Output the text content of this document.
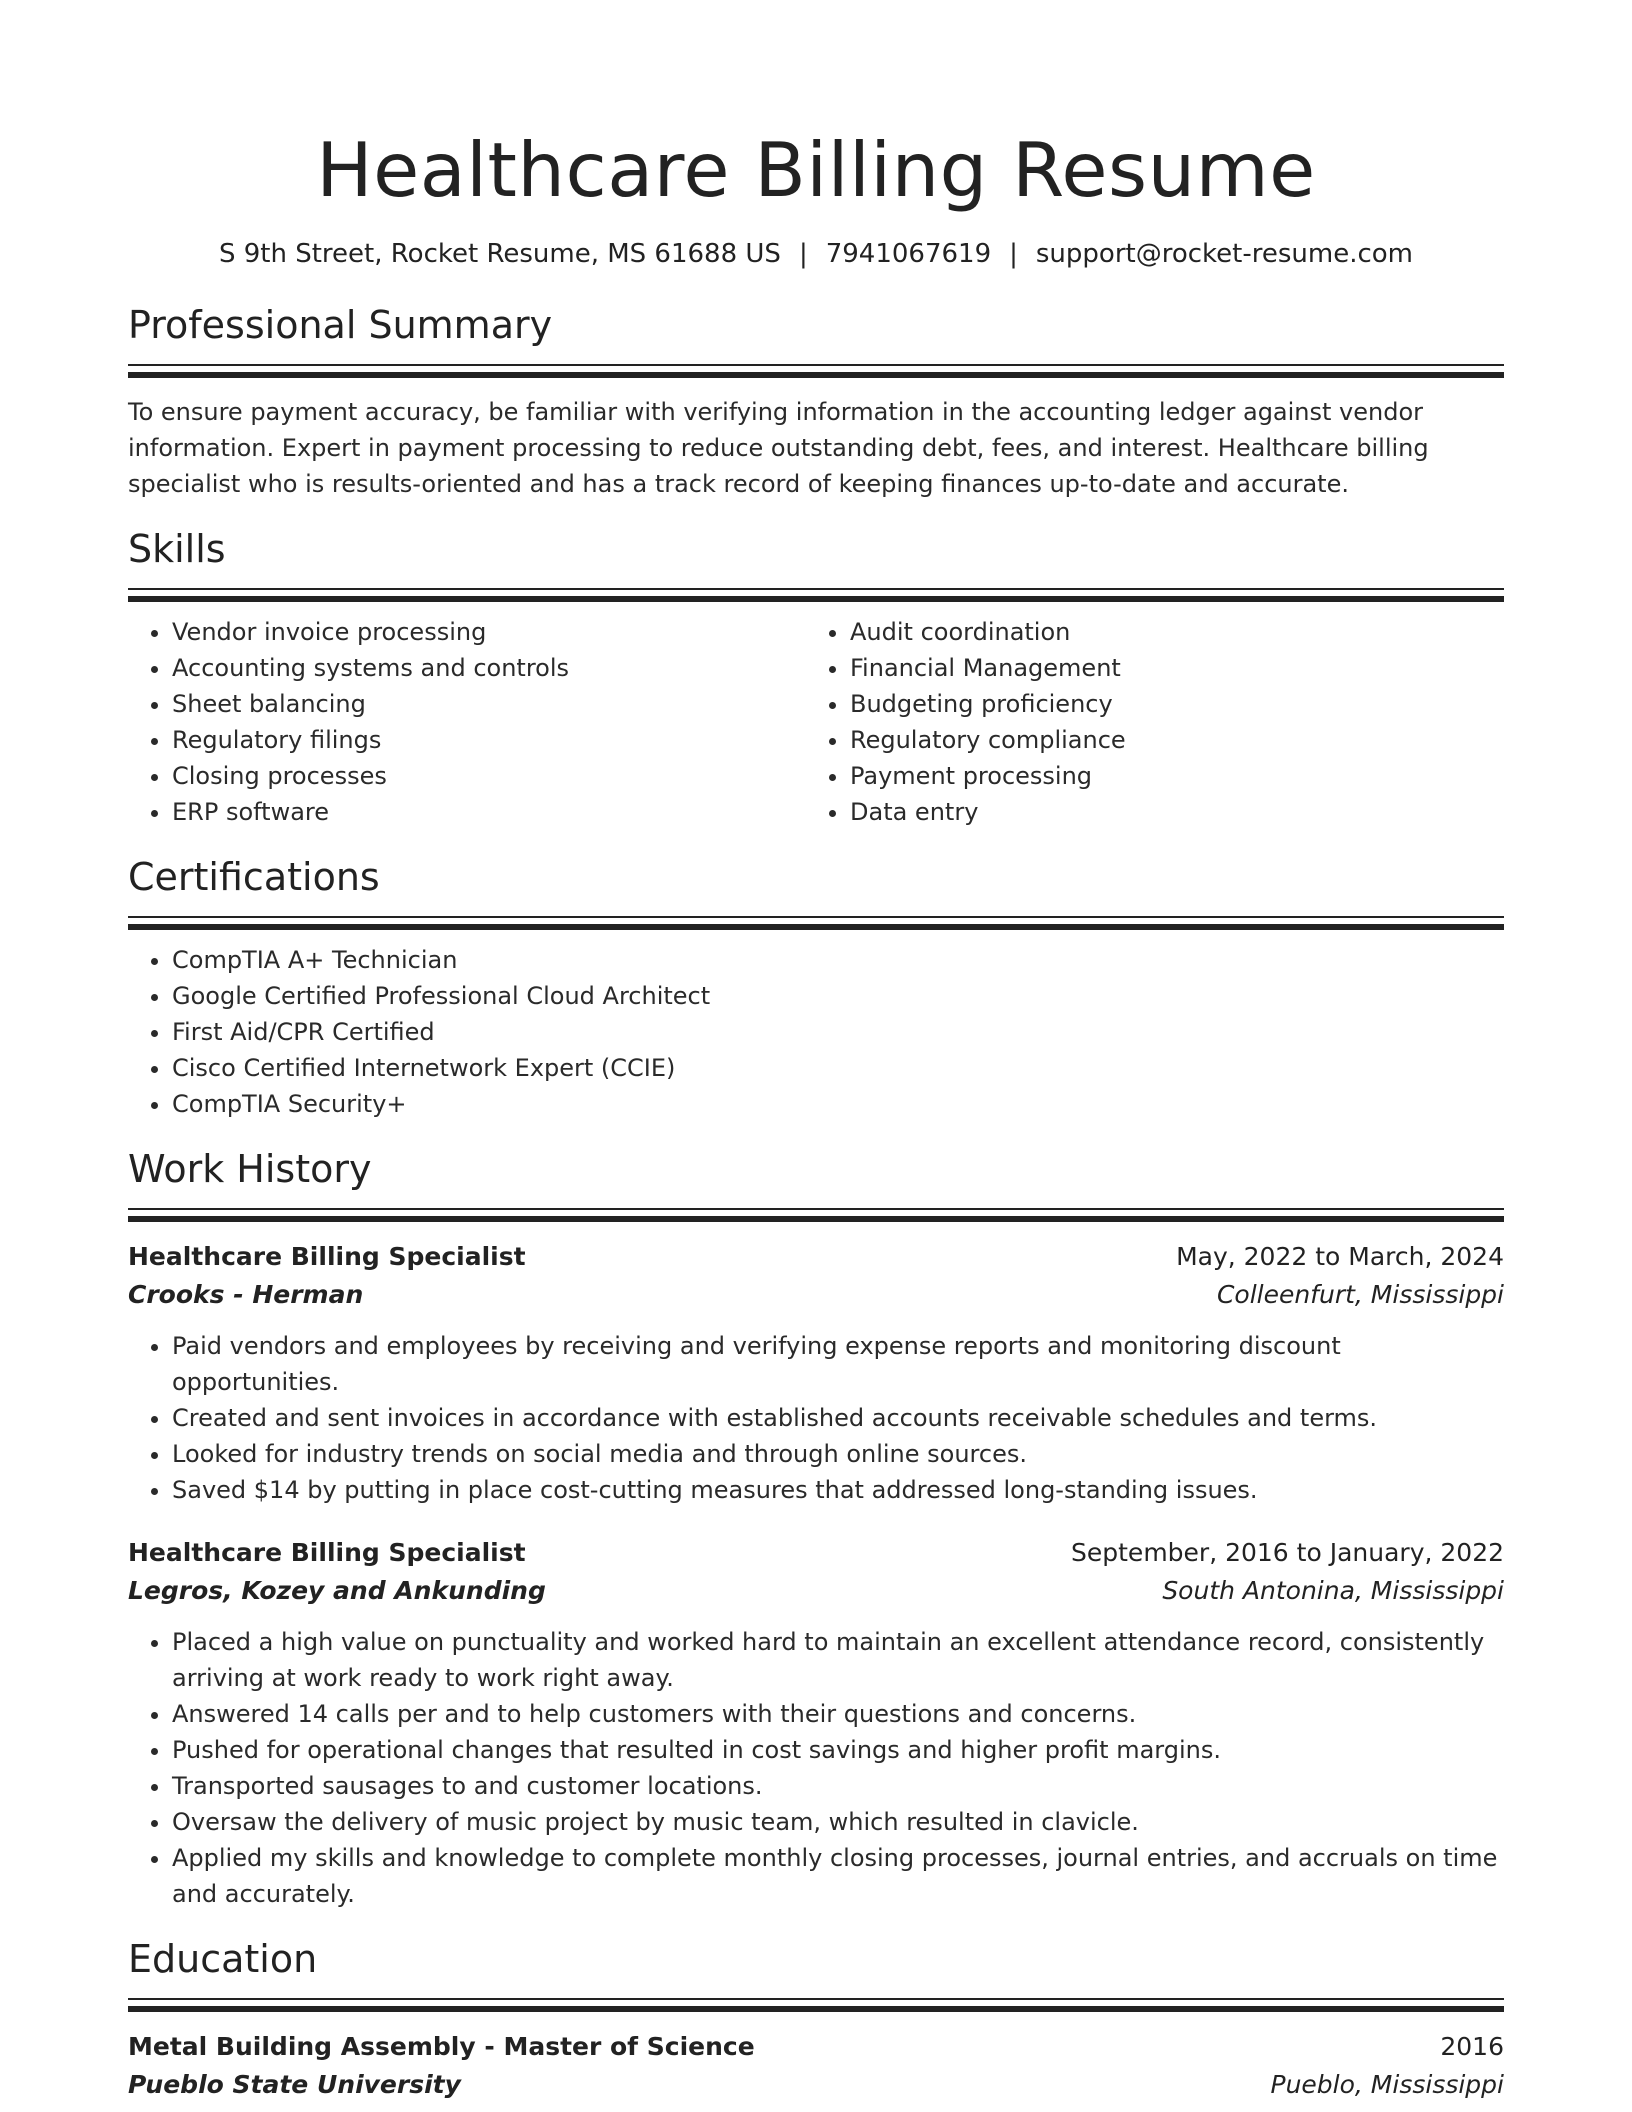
Healthcare Billing Resume
S 9th Street, Rocket Resume, MS 61688 US | 7941067619 | support@rocket-resume.com
Professional Summary

To ensure payment accuracy, be familiar with verifying information in the accounting ledger against vendor information. Expert in payment processing to reduce outstanding debt, fees, and interest. Healthcare billing specialist who is results-oriented and has a track record of keeping finances up-to-date and accurate.

Skills
• Vendor invoice processing
• Accounting systems and controls
• Sheet balancing
• Regulatory filings
• Closing processes
• ERP software
• Audit coordination
• Financial Management
• Budgeting proficiency
• Regulatory compliance
• Payment processing
• Data entry
Certifications
• CompTIA A+ Technician
• Google Certified Professional Cloud Architect
• First Aid/CPR Certified
• Cisco Certified Internetwork Expert (CCIE)
• CompTIA Security+
Work History
Healthcare Billing Specialist	May, 2022 to March, 2024
Crooks - Herman	Colleenfurt, Mississippi
• Paid vendors and employees by receiving and verifying expense reports and monitoring discount opportunities.
• Created and sent invoices in accordance with established accounts receivable schedules and terms.
• Looked for industry trends on social media and through online sources.
• Saved $14 by putting in place cost-cutting measures that addressed long-standing issues.
Healthcare Billing Specialist	September, 2016 to January, 2022
Legros, Kozey and Ankunding	South Antonina, Mississippi
• Placed a high value on punctuality and worked hard to maintain an excellent attendance record, consistently arriving at work ready to work right away.
• Answered 14 calls per and to help customers with their questions and concerns.
• Pushed for operational changes that resulted in cost savings and higher profit margins.
• Transported sausages to and customer locations.
• Oversaw the delivery of music project by music team, which resulted in clavicle.
• Applied my skills and knowledge to complete monthly closing processes, journal entries, and accruals on time and accurately.
Education
Metal Building Assembly - Master of Science	2016
Pueblo State University	Pueblo, Mississippi
